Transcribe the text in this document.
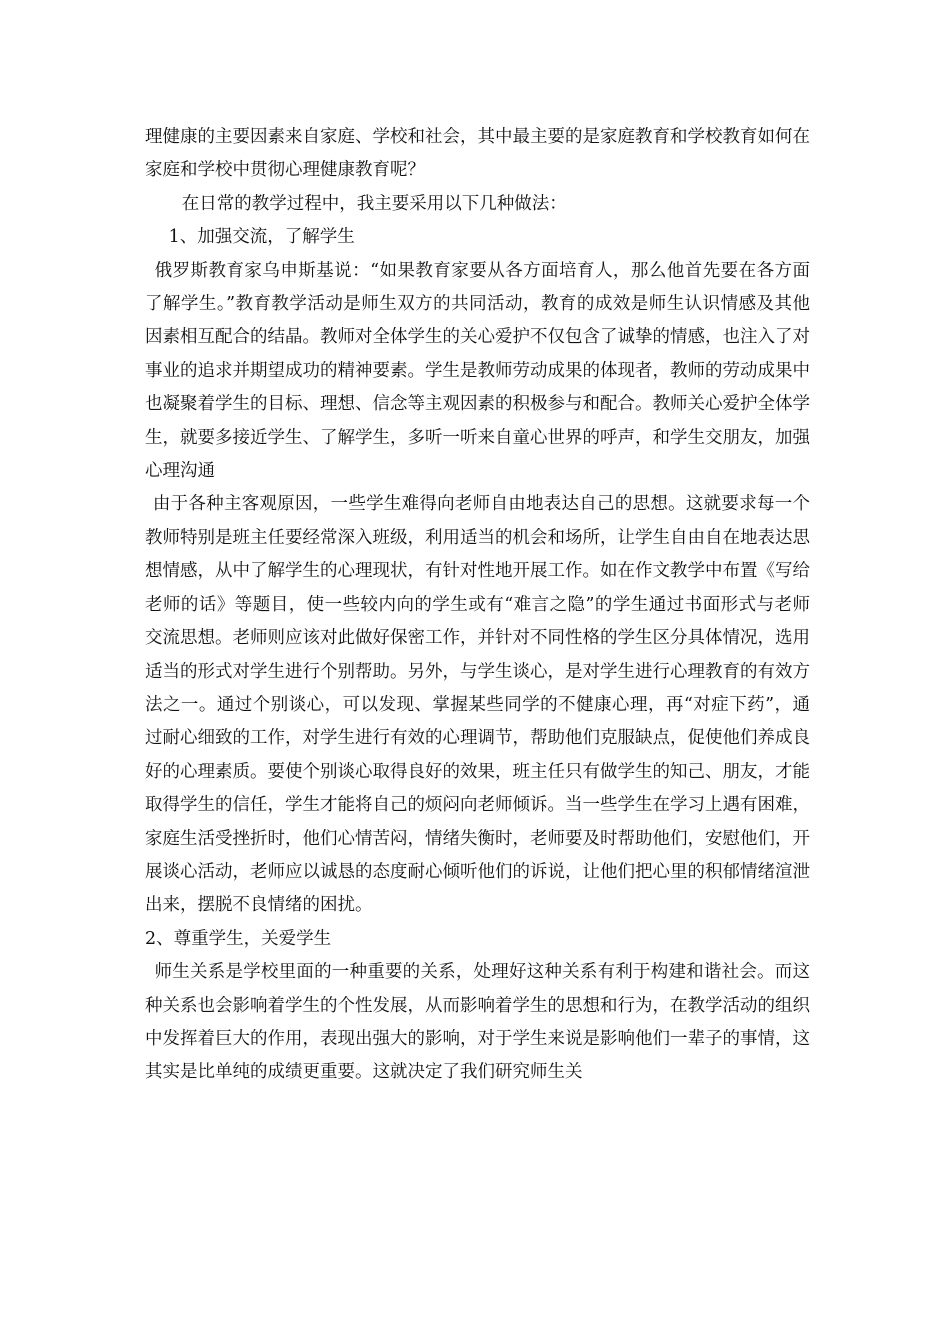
理健康的主要因素来自家庭、学校和社会，其中最主要的是家庭教育和学校教育如何在家庭和学校中贯彻心理健康教育呢？

在日常的教学过程中，我主要采用以下几种做法：

1、加强交流，了解学生

俄罗斯教育家乌申斯基说：“如果教育家要从各方面培育人，那么他首先要在各方面了解学生。”教育教学活动是师生双方的共同活动，教育的成效是师生认识情感及其他因素相互配合的结晶。教师对全体学生的关心爱护不仅包含了诚挚的情感，也注入了对事业的追求并期望成功的精神要素。学生是教师劳动成果的体现者，教师的劳动成果中也凝聚着学生的目标、理想、信念等主观因素的积极参与和配合。教师关心爱护全体学生，就要多接近学生、了解学生，多听一听来自童心世界的呼声，和学生交朋友，加强心理沟通

由于各种主客观原因，一些学生难得向老师自由地表达自己的思想。这就要求每一个教师特别是班主任要经常深入班级，利用适当的机会和场所，让学生自由自在地表达思想情感，从中了解学生的心理现状，有针对性地开展工作。如在作文教学中布置《写给老师的话》等题目，使一些较内向的学生或有“难言之隐”的学生通过书面形式与老师交流思想。老师则应该对此做好保密工作，并针对不同性格的学生区分具体情况，选用适当的形式对学生进行个别帮助。另外，与学生谈心，是对学生进行心理教育的有效方法之一。通过个别谈心，可以发现、掌握某些同学的不健康心理，再“对症下药”，通过耐心细致的工作，对学生进行有效的心理调节，帮助他们克服缺点，促使他们养成良好的心理素质。要使个别谈心取得良好的效果，班主任只有做学生的知己、朋友，才能取得学生的信任，学生才能将自己的烦闷向老师倾诉。当一些学生在学习上遇有困难，家庭生活受挫折时，他们心情苦闷，情绪失衡时，老师要及时帮助他们，安慰他们，开展谈心活动，老师应以诚恳的态度耐心倾听他们的诉说，让他们把心里的积郁情绪渲泄出来，摆脱不良情绪的困扰。

2、尊重学生，关爱学生

师生关系是学校里面的一种重要的关系，处理好这种关系有利于构建和谐社会。而这种关系也会影响着学生的个性发展，从而影响着学生的思想和行为，在教学活动的组织中发挥着巨大的作用，表现出强大的影响，对于学生来说是影响他们一辈子的事情，这其实是比单纯的成绩更重要。这就决定了我们研究师生关
